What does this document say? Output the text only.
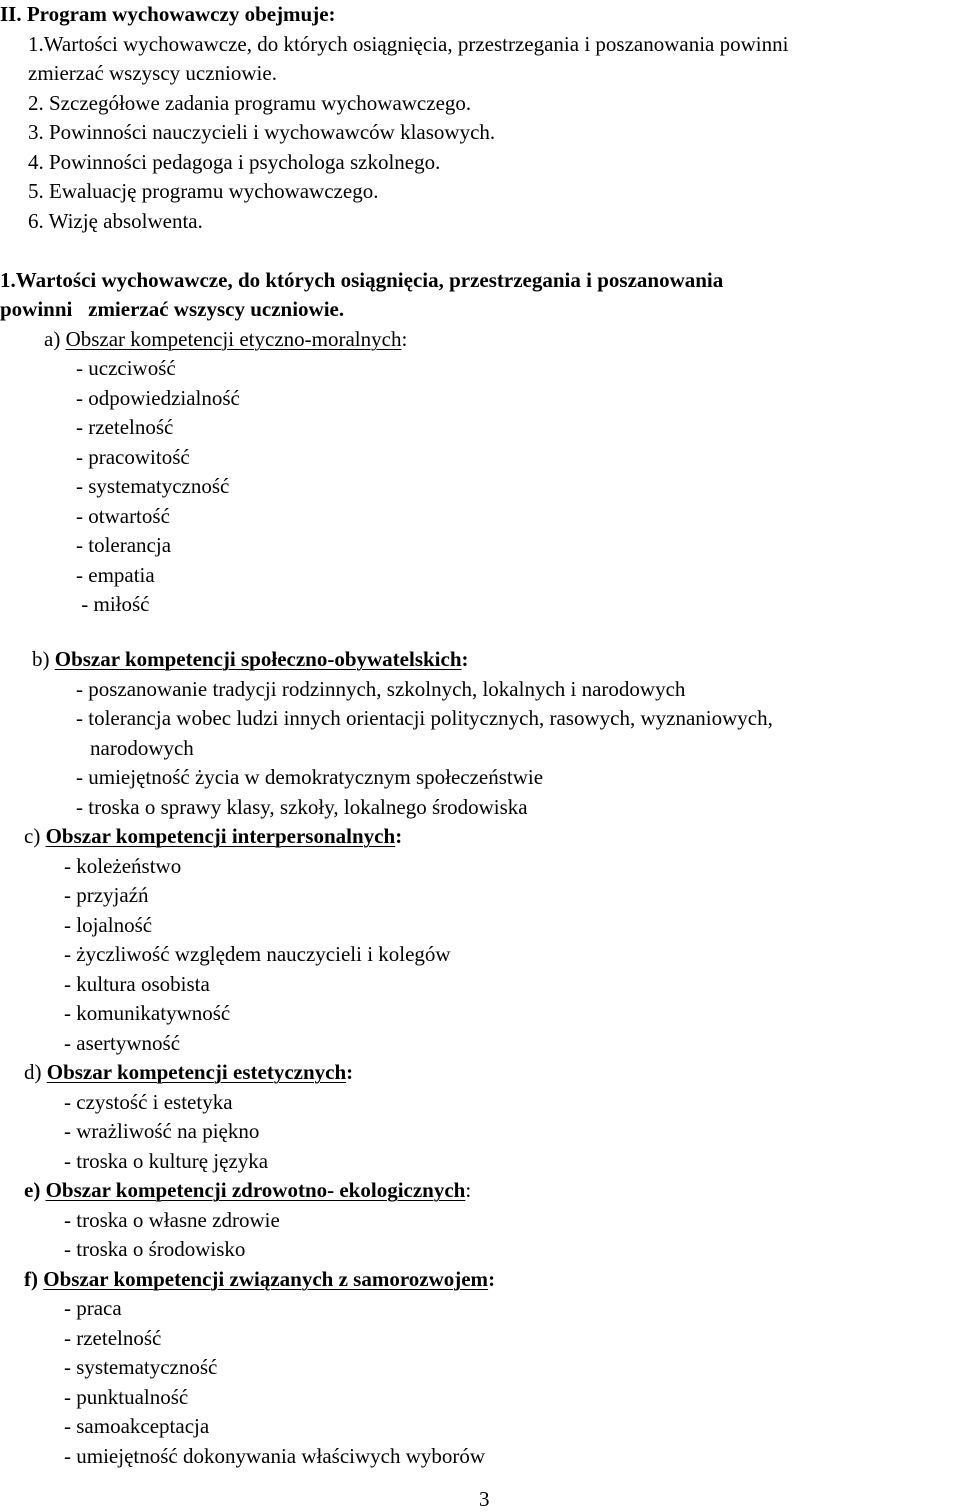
II. Program wychowawczy obejmuje:
1.Wartości wychowawcze, do których osiągnięcia, przestrzegania i poszanowania powinni
zmierzać wszyscy uczniowie.
2. Szczegółowe zadania programu wychowawczego.
3. Powinności nauczycieli i wychowawców klasowych.
4. Powinności pedagoga i psychologa szkolnego.
5. Ewaluację programu wychowawczego.
6. Wizję absolwenta.
1.Wartości wychowawcze, do których osiągnięcia, przestrzegania i poszanowania
powinni   zmierzać wszyscy uczniowie.
a) Obszar kompetencji etyczno-moralnych:
- uczciwość
- odpowiedzialność
- rzetelność
- pracowitość
- systematyczność
- otwartość
- tolerancja
- empatia
- miłość
b) Obszar kompetencji społeczno-obywatelskich:
- poszanowanie tradycji rodzinnych, szkolnych, lokalnych i narodowych
- tolerancja wobec ludzi innych orientacji politycznych, rasowych, wyznaniowych,
narodowych
- umiejętność życia w demokratycznym społeczeństwie
- troska o sprawy klasy, szkoły, lokalnego środowiska
c) Obszar kompetencji interpersonalnych:
- koleżeństwo
- przyjaźń
- lojalność
- życzliwość względem nauczycieli i kolegów
- kultura osobista
- komunikatywność
- asertywność
d) Obszar kompetencji estetycznych:
- czystość i estetyka
- wrażliwość na piękno
- troska o kulturę języka
e) Obszar kompetencji zdrowotno- ekologicznych:
- troska o własne zdrowie
- troska o środowisko
f) Obszar kompetencji związanych z samorozwojem:
- praca
- rzetelność
- systematyczność
- punktualność
- samoakceptacja
- umiejętność dokonywania właściwych wyborów
3
